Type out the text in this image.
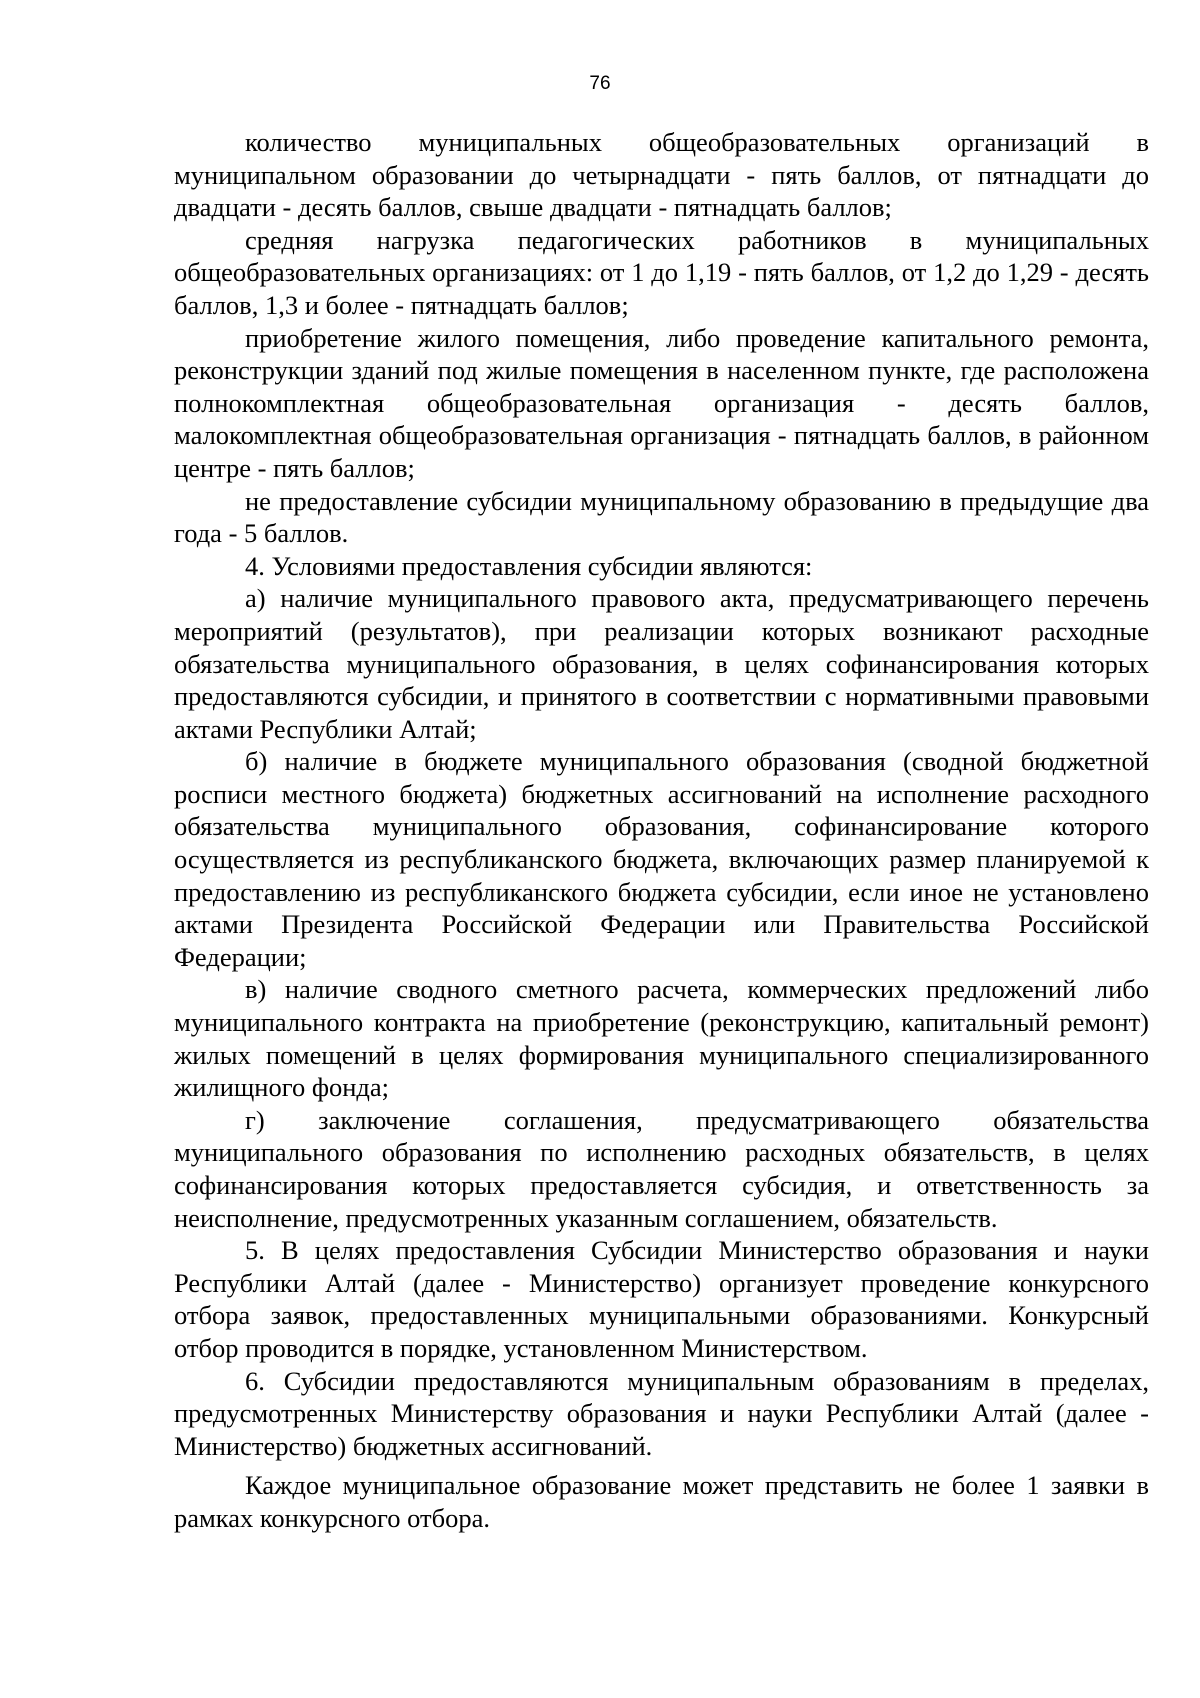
76

количество муниципальных общеобразовательных организаций в муниципальном образовании до четырнадцати - пять баллов, от пятнадцати до двадцати - десять баллов, свыше двадцати - пятнадцать баллов;

средняя нагрузка педагогических работников в муниципальных общеобразовательных организациях: от 1 до 1,19 - пять баллов, от 1,2 до 1,29 - десять баллов, 1,3 и более - пятнадцать баллов;

приобретение жилого помещения, либо проведение капитального ремонта, реконструкции зданий под жилые помещения в населенном пункте, где расположена полнокомплектная общеобразовательная организация - десять баллов, малокомплектная общеобразовательная организация - пятнадцать баллов, в районном центре - пять баллов;

не предоставление субсидии муниципальному образованию в предыдущие два года - 5 баллов.

4. Условиями предоставления субсидии являются:

а) наличие муниципального правового акта, предусматривающего перечень мероприятий (результатов), при реализации которых возникают расходные обязательства муниципального образования, в целях софинансирования которых предоставляются субсидии, и принятого в соответствии с нормативными правовыми актами Республики Алтай;

б) наличие в бюджете муниципального образования (сводной бюджетной росписи местного бюджета) бюджетных ассигнований на исполнение расходного обязательства муниципального образования, софинансирование которого осуществляется из республиканского бюджета, включающих размер планируемой к предоставлению из республиканского бюджета субсидии, если иное не установлено актами Президента Российской Федерации или Правительства Российской Федерации;

в) наличие сводного сметного расчета, коммерческих предложений либо муниципального контракта на приобретение (реконструкцию, капитальный ремонт) жилых помещений в целях формирования муниципального специализированного жилищного фонда;

г) заключение соглашения, предусматривающего обязательства муниципального образования по исполнению расходных обязательств, в целях софинансирования которых предоставляется субсидия, и ответственность за неисполнение, предусмотренных указанным соглашением, обязательств.

5. В целях предоставления Субсидии Министерство образования и науки Республики Алтай (далее - Министерство) организует проведение конкурсного отбора заявок, предоставленных муниципальными образованиями. Конкурсный отбор проводится в порядке, установленном Министерством.

6. Субсидии предоставляются муниципальным образованиям в пределах, предусмотренных Министерству образования и науки Республики Алтай (далее - Министерство) бюджетных ассигнований.

Каждое муниципальное образование может представить не более 1 заявки в рамках конкурсного отбора.
